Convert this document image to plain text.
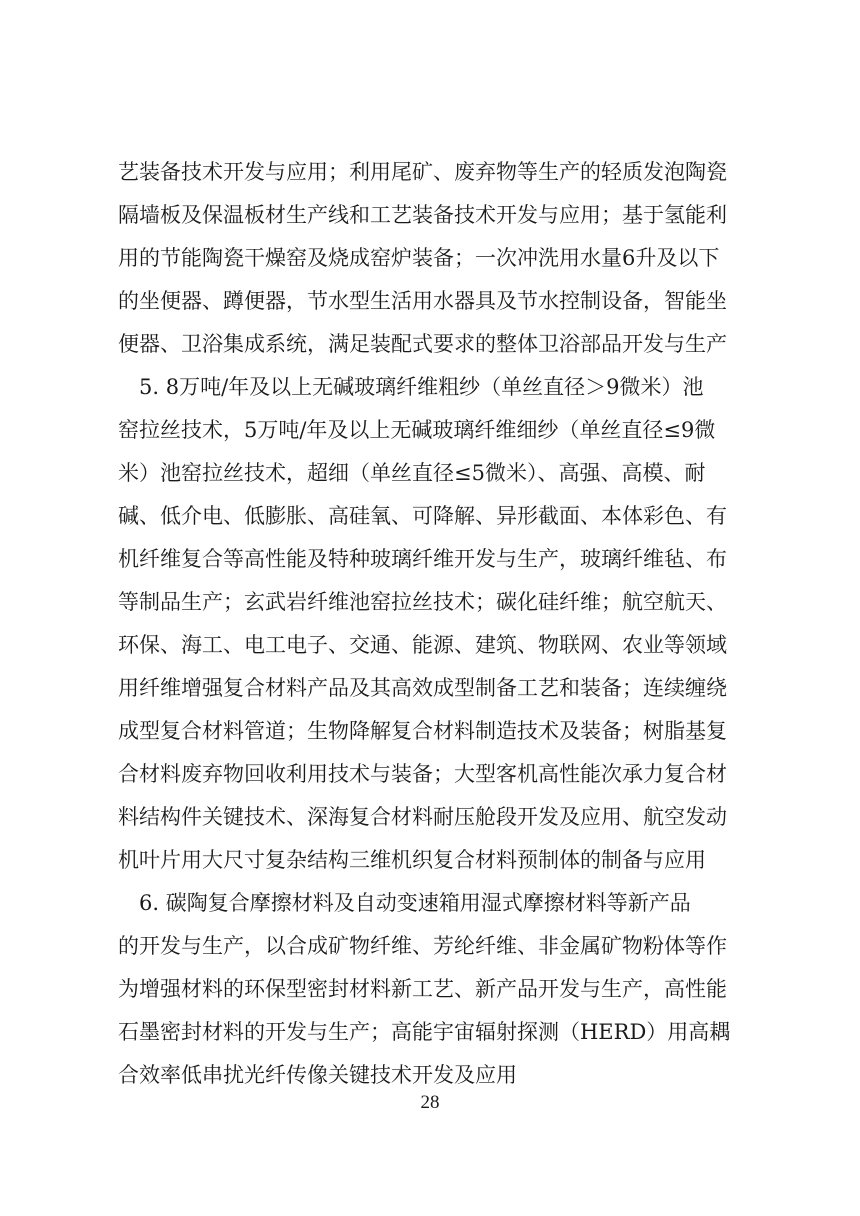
艺装备技术开发与应用；利用尾矿、废弃物等生产的轻质发泡陶瓷
隔墙板及保温板材生产线和工艺装备技术开发与应用；基于氢能利
用的节能陶瓷干燥窑及烧成窑炉装备；一次冲洗用水量6升及以下
的坐便器、蹲便器，节水型生活用水器具及节水控制设备，智能坐
便器、卫浴集成系统，满足装配式要求的整体卫浴部品开发与生产
　5. 8万吨/年及以上无碱玻璃纤维粗纱（单丝直径＞9微米）池
窑拉丝技术，5万吨/年及以上无碱玻璃纤维细纱（单丝直径≤9微
米）池窑拉丝技术，超细（单丝直径≤5微米）、高强、高模、耐
碱、低介电、低膨胀、高硅氧、可降解、异形截面、本体彩色、有
机纤维复合等高性能及特种玻璃纤维开发与生产，玻璃纤维毡、布
等制品生产；玄武岩纤维池窑拉丝技术；碳化硅纤维；航空航天、
环保、海工、电工电子、交通、能源、建筑、物联网、农业等领域
用纤维增强复合材料产品及其高效成型制备工艺和装备；连续缠绕
成型复合材料管道；生物降解复合材料制造技术及装备；树脂基复
合材料废弃物回收利用技术与装备；大型客机高性能次承力复合材
料结构件关键技术、深海复合材料耐压舱段开发及应用、航空发动
机叶片用大尺寸复杂结构三维机织复合材料预制体的制备与应用
　6. 碳陶复合摩擦材料及自动变速箱用湿式摩擦材料等新产品
的开发与生产，以合成矿物纤维、芳纶纤维、非金属矿物粉体等作
为增强材料的环保型密封材料新工艺、新产品开发与生产，高性能
石墨密封材料的开发与生产；高能宇宙辐射探测（HERD）用高耦
合效率低串扰光纤传像关键技术开发及应用
28
